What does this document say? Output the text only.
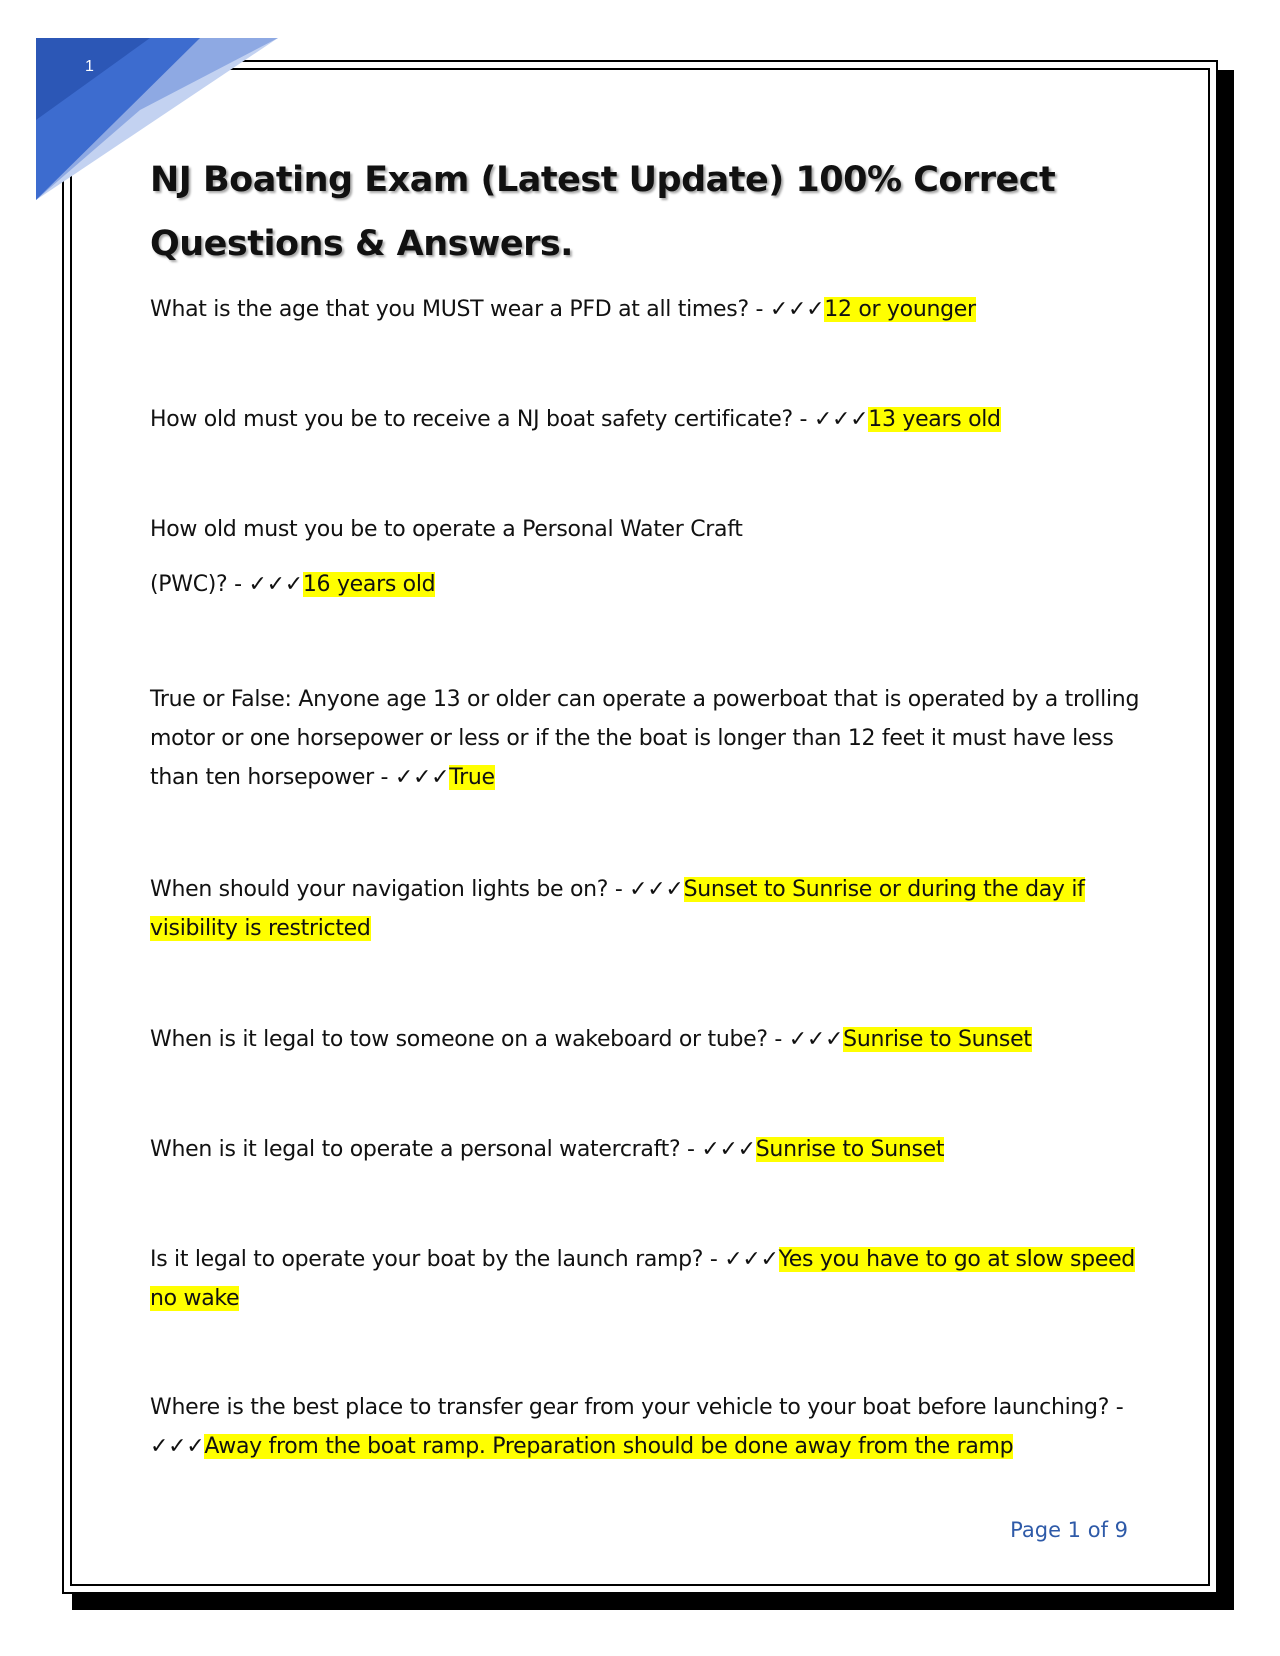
1
NJ Boating Exam (Latest Update) 100% Correct
Questions & Answers.
What is the age that you MUST wear a PFD at all times? - ✓✓✓12 or younger
How old must you be to receive a NJ boat safety certificate? - ✓✓✓13 years old
How old must you be to operate a Personal Water Craft
(PWC)? - ✓✓✓16 years old
True or False: Anyone age 13 or older can operate a powerboat that is operated by a trolling motor or one horsepower or less or if the the boat is longer than 12 feet it must have less than ten horsepower - ✓✓✓True
When should your navigation lights be on? - ✓✓✓Sunset to Sunrise or during the day if visibility is restricted
When is it legal to tow someone on a wakeboard or tube? - ✓✓✓Sunrise to Sunset
When is it legal to operate a personal watercraft? - ✓✓✓Sunrise to Sunset
Is it legal to operate your boat by the launch ramp? - ✓✓✓Yes you have to go at slow speed no wake
Where is the best place to transfer gear from your vehicle to your boat before launching? - ✓✓✓Away from the boat ramp. Preparation should be done away from the ramp
Page 1 of 9
